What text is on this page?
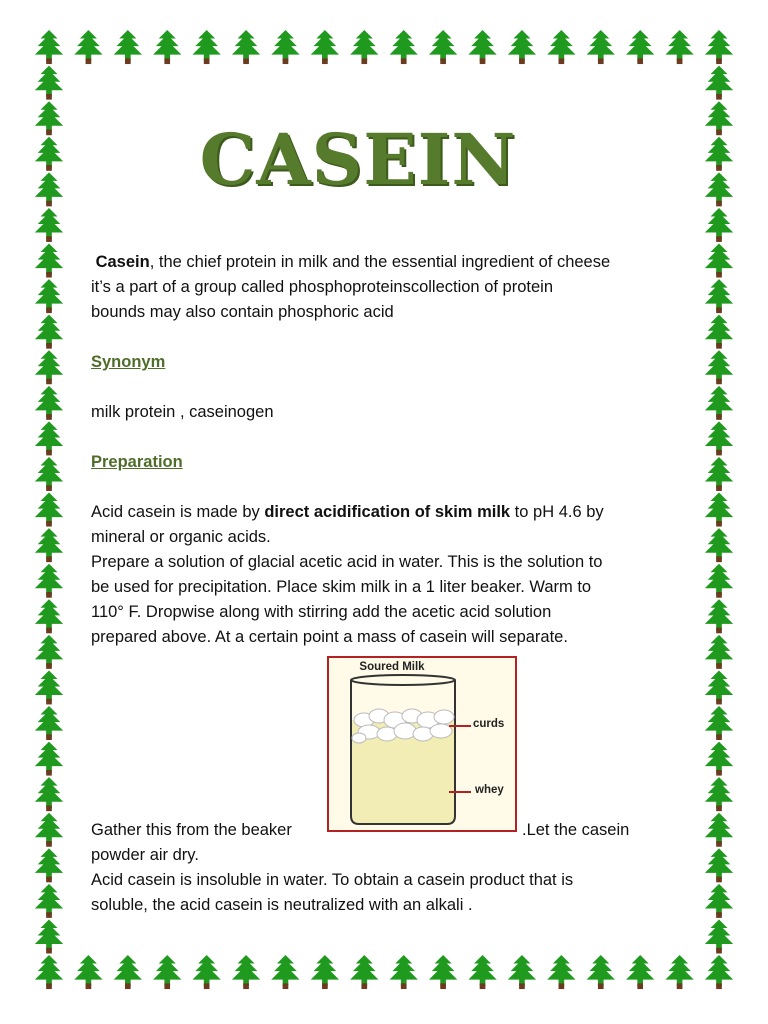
CASEIN

Casein, the chief protein in milk and the essential ingredient of cheese

it’s a part of a group called phosphoproteinscollection of protein

bounds may also contain phosphoric acid

Synonym

milk protein , caseinogen

Preparation

Acid casein is made by direct acidification of skim milk to pH 4.6 by

mineral or organic acids.

Prepare a solution of glacial acetic acid in water. This is the solution to

be used for precipitation. Place skim milk in a 1 liter beaker. Warm to

110° F. Dropwise along with stirring add the acetic acid solution

prepared above. At a certain point a mass of casein will separate.

Soured Milk
curds
whey

Gather this from the beaker	.Let the casein

powder air dry.

Acid casein is insoluble in water. To obtain a casein product that is

soluble, the acid casein is neutralized with an alkali .
